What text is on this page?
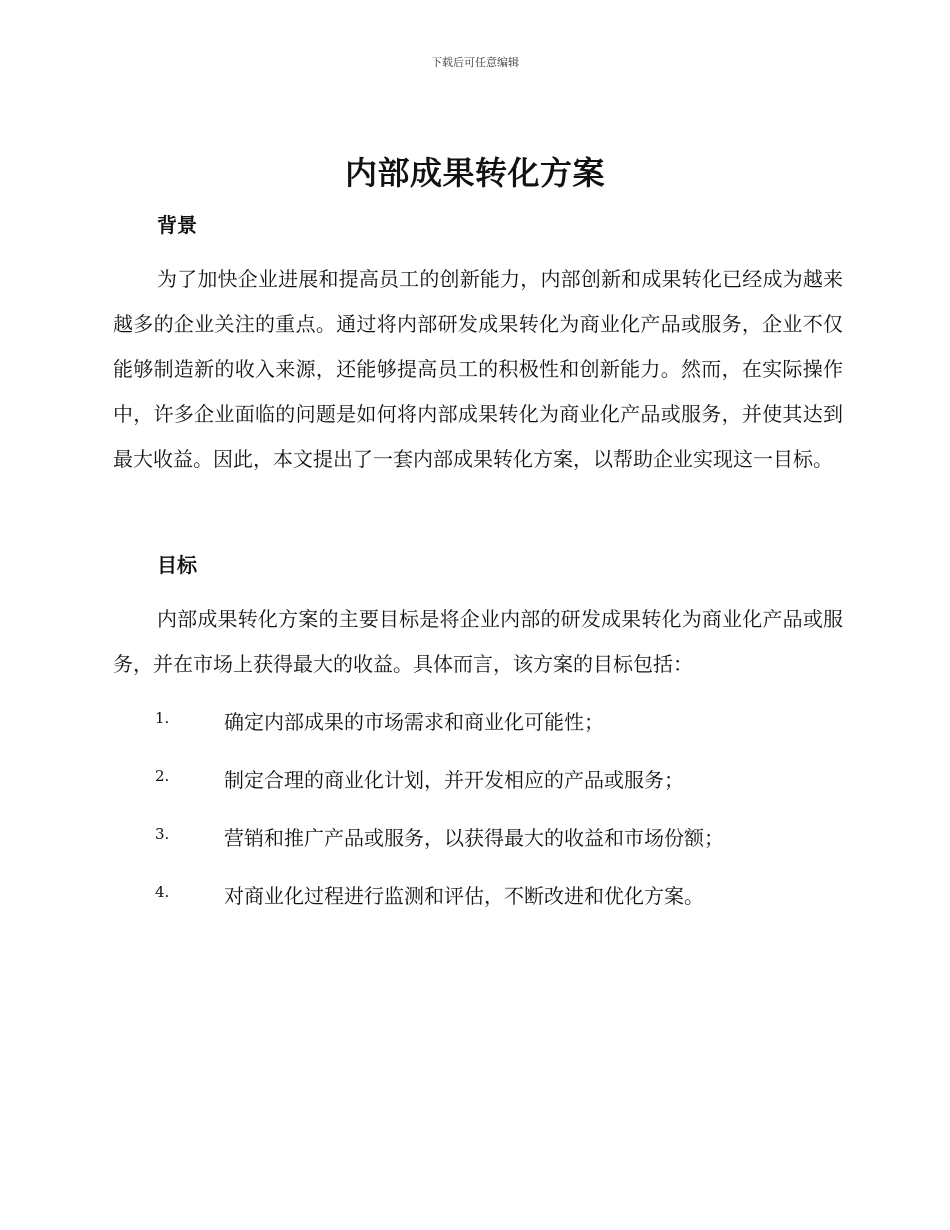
下载后可任意编辑
内部成果转化方案
背景

为了加快企业进展和提高员工的创新能力，内部创新和成果转化已经成为越来越多的企业关注的重点。通过将内部研发成果转化为商业化产品或服务，企业不仅能够制造新的收入来源，还能够提高员工的积极性和创新能力。然而，在实际操作中，许多企业面临的问题是如何将内部成果转化为商业化产品或服务，并使其达到最大收益。因此，本文提出了一套内部成果转化方案，以帮助企业实现这一目标。

目标

内部成果转化方案的主要目标是将企业内部的研发成果转化为商业化产品或服务，并在市场上获得最大的收益。具体而言，该方案的目标包括：

1.	确定内部成果的市场需求和商业化可能性；
2.	制定合理的商业化计划，并开发相应的产品或服务；
3.	营销和推广产品或服务，以获得最大的收益和市场份额；
4.	对商业化过程进行监测和评估，不断改进和优化方案。
